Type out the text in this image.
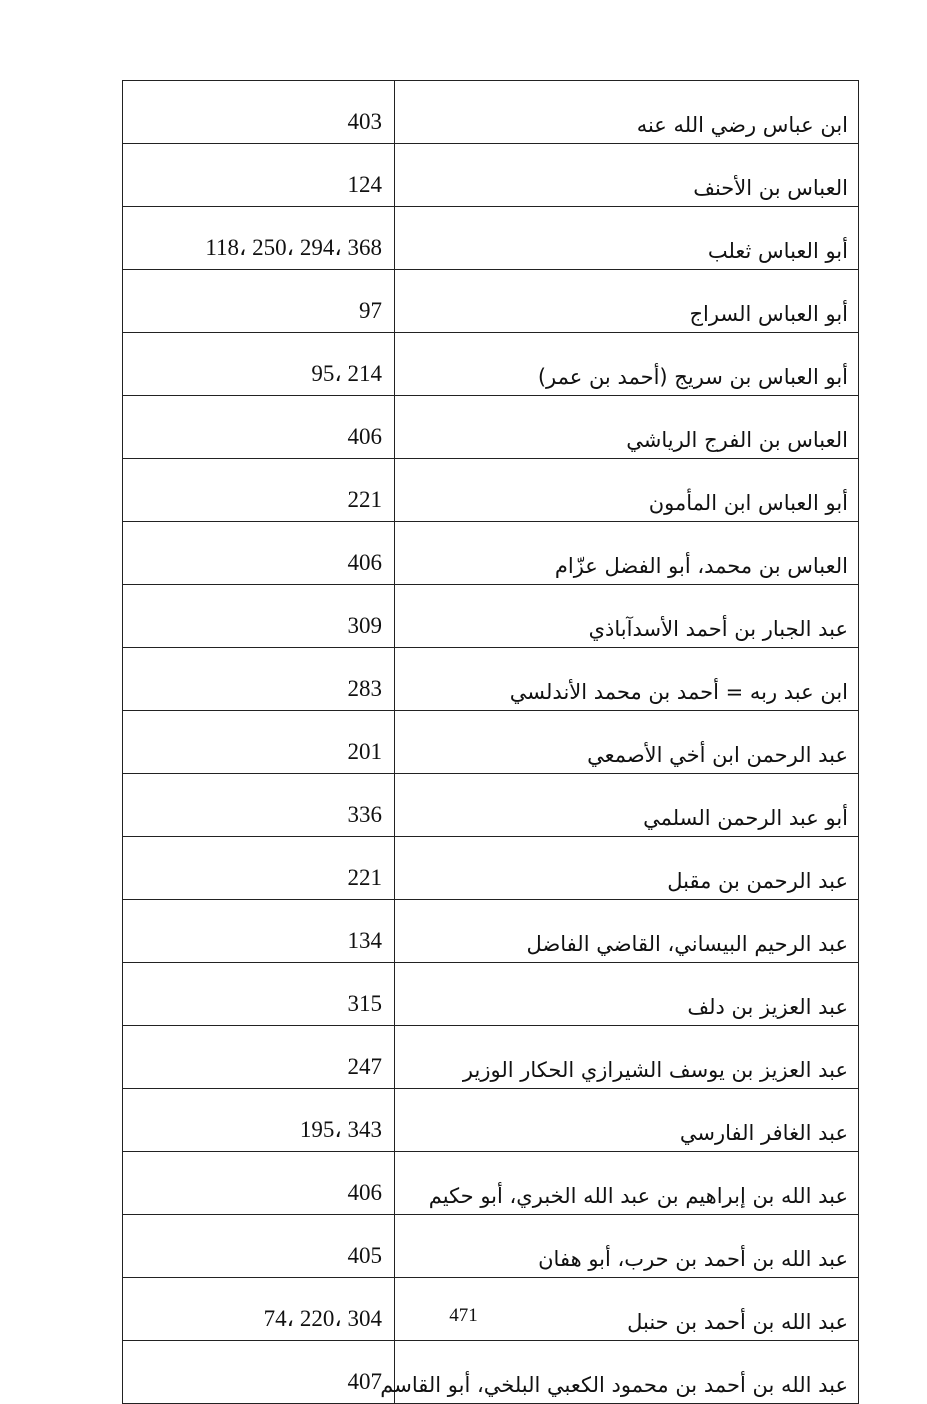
403	ابن عباس رضي الله عنه
124	العباس بن الأحنف
118، 250، 294، 368	أبو العباس ثعلب
97	أبو العباس السراج
95، 214	أبو العباس بن سريج (أحمد بن عمر)
406	العباس بن الفرج الرياشي
221	أبو العباس ابن المأمون
406	العباس بن محمد، أبو الفضل عزّام
309	عبد الجبار بن أحمد الأسدآباذي
283	ابن عبد ربه = أحمد بن محمد الأندلسي
201	عبد الرحمن ابن أخي الأصمعي
336	أبو عبد الرحمن السلمي
221	عبد الرحمن بن مقبل
134	عبد الرحيم البيساني، القاضي الفاضل
315	عبد العزيز بن دلف
247	عبد العزيز بن يوسف الشيرازي الحكار الوزير
195، 343	عبد الغافر الفارسي
406	عبد الله بن إبراهيم بن عبد الله الخبري، أبو حكيم
405	عبد الله بن أحمد بن حرب، أبو هفان
74، 220، 304	عبد الله بن أحمد بن حنبل
407	عبد الله بن أحمد بن محمود الكعبي البلخي، أبو القاسم
471
